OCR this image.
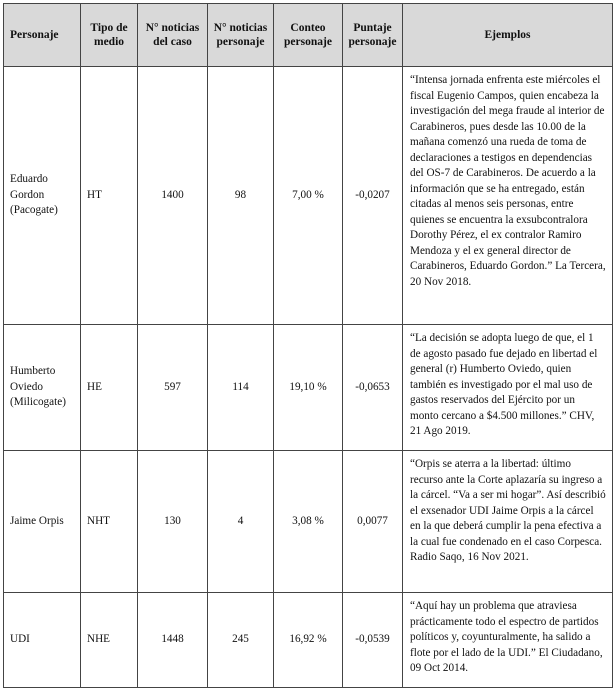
Personaje	Tipo de medio	N° noticias del caso	N° noticias personaje	Conteo personaje	Puntaje personaje	Ejemplos
Eduardo Gordon (Pacogate)	HT	1400	98	7,00 %	-0,0207	“Intensa jornada enfrenta este miércoles el fiscal Eugenio Campos, quien encabeza la investigación del mega fraude al interior de Carabineros, pues desde las 10.00 de la mañana comenzó una rueda de toma de declaraciones a testigos en dependencias del OS-7 de Carabineros. De acuerdo a la información que se ha entregado, están citadas al menos seis personas, entre quienes se encuentra la exsubcontralora Dorothy Pérez, el ex contralor Ramiro Mendoza y el ex general director de Carabineros, Eduardo Gordon.” La Tercera, 20 Nov 2018.
Humberto Oviedo (Milicogate)	HE	597	114	19,10 %	-0,0653	“La decisión se adopta luego de que, el 1 de agosto pasado fue dejado en libertad el general (r) Humberto Oviedo, quien también es investigado por el mal uso de gastos reservados del Ejército por un monto cercano a $4.500 millones.” CHV, 21 Ago 2019.
Jaime Orpis	NHT	130	4	3,08 %	0,0077	“Orpis se aterra a la libertad: último recurso ante la Corte aplazaría su ingreso a la cárcel. “Va a ser mi hogar”. Así describió el exsenador UDI Jaime Orpis a la cárcel en la que deberá cumplir la pena efectiva a la cual fue condenado en el caso Corpesca. Radio Saqo, 16 Nov 2021.
UDI	NHE	1448	245	16,92 %	-0,0539	“Aquí hay un problema que atraviesa prácticamente todo el espectro de partidos políticos y, coyunturalmente, ha salido a flote por el lado de la UDI.” El Ciudadano, 09 Oct 2014.
